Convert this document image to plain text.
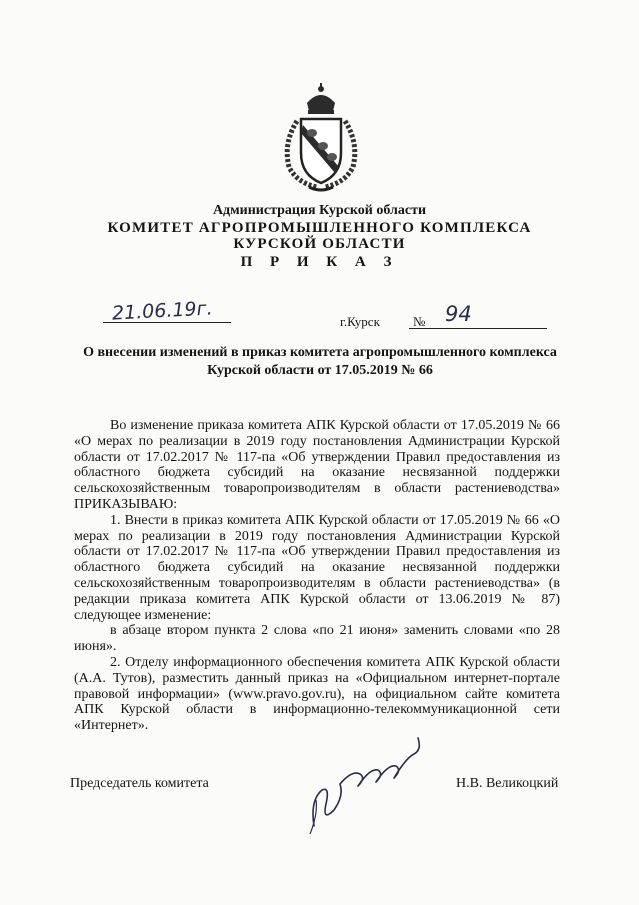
Администрация Курской области
КОМИТЕТ АГРОПРОМЫШЛЕННОГО КОМПЛЕКСА
КУРСКОЙ ОБЛАСТИ
П Р И К А З
21.06.19г.	г.Курск	№ 94
О внесении изменений в приказ комитета агропромышленного комплекса Курской области от 17.05.2019 № 66

Во изменение приказа комитета АПК Курской области от 17.05.2019 № 66 «О мерах по реализации в 2019 году постановления Администрации Курской области от 17.02.2017 № 117-па «Об утверждении Правил предоставления из областного бюджета субсидий на оказание несвязанной поддержки сельскохозяйственным товаропроизводителям в области растениеводства» ПРИКАЗЫВАЮ:

1. Внести в приказ комитета АПК Курской области от 17.05.2019 № 66 «О мерах по реализации в 2019 году постановления Администрации Курской области от 17.02.2017 № 117-па «Об утверждении Правил предоставления из областного бюджета субсидий на оказание несвязанной поддержки сельскохозяйственным товаропроизводителям в области растениеводства» (в редакции приказа комитета АПК Курской области от 13.06.2019 № 87) следующее изменение:

в абзаце втором пункта 2 слова «по 21 июня» заменить словами «по 28 июня».

2. Отделу информационного обеспечения комитета АПК Курской области (А.А. Тутов), разместить данный приказ на «Официальном интернет-портале правовой информации» (www.pravo.gov.ru), на официальном сайте комитета АПК Курской области в информационно-телекоммуникационной сети «Интернет».

Председатель комитета	Н.В. Великоцкий
